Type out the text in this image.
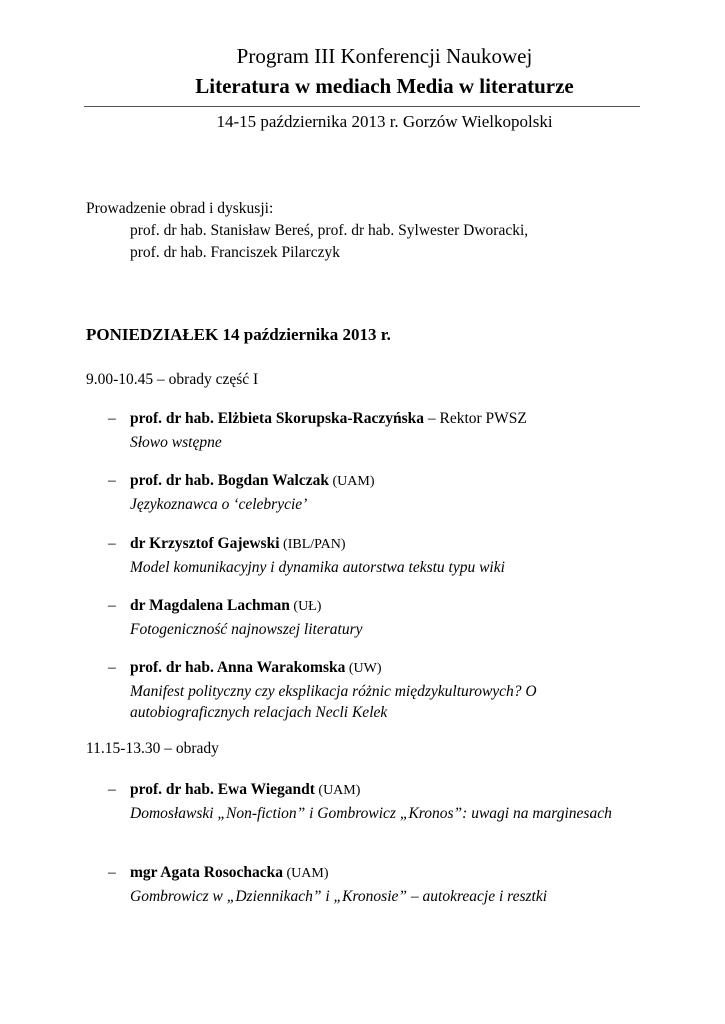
Program III Konferencji Naukowej
Literatura w mediach Media w literaturze
14-15 października 2013 r. Gorzów Wielkopolski
Prowadzenie obrad i dyskusji:
prof. dr hab. Stanisław Bereś, prof. dr hab. Sylwester Dworacki,
prof. dr hab. Franciszek Pilarczyk
PONIEDZIAŁEK 14 października 2013 r.
9.00-10.45 – obrady część I
– prof. dr hab. Elżbieta Skorupska-Raczyńska – Rektor PWSZ
Słowo wstępne
– prof. dr hab. Bogdan Walczak (UAM)
Językoznawca o ‘celebrycie’
– dr Krzysztof Gajewski (IBL/PAN)
Model komunikacyjny i dynamika autorstwa tekstu typu wiki
– dr Magdalena Lachman (UŁ)
Fotogeniczność najnowszej literatury
– prof. dr hab. Anna Warakomska (UW)
Manifest polityczny czy eksplikacja różnic międzykulturowych? O autobiograficznych relacjach Necli Kelek
11.15-13.30 – obrady
– prof. dr hab. Ewa Wiegandt (UAM)
Domosławski „Non-fiction” i Gombrowicz „Kronos”: uwagi na marginesach
– mgr Agata Rosochacka (UAM)
Gombrowicz w „Dziennikach” i „Kronosie” – autokreacje i resztki
